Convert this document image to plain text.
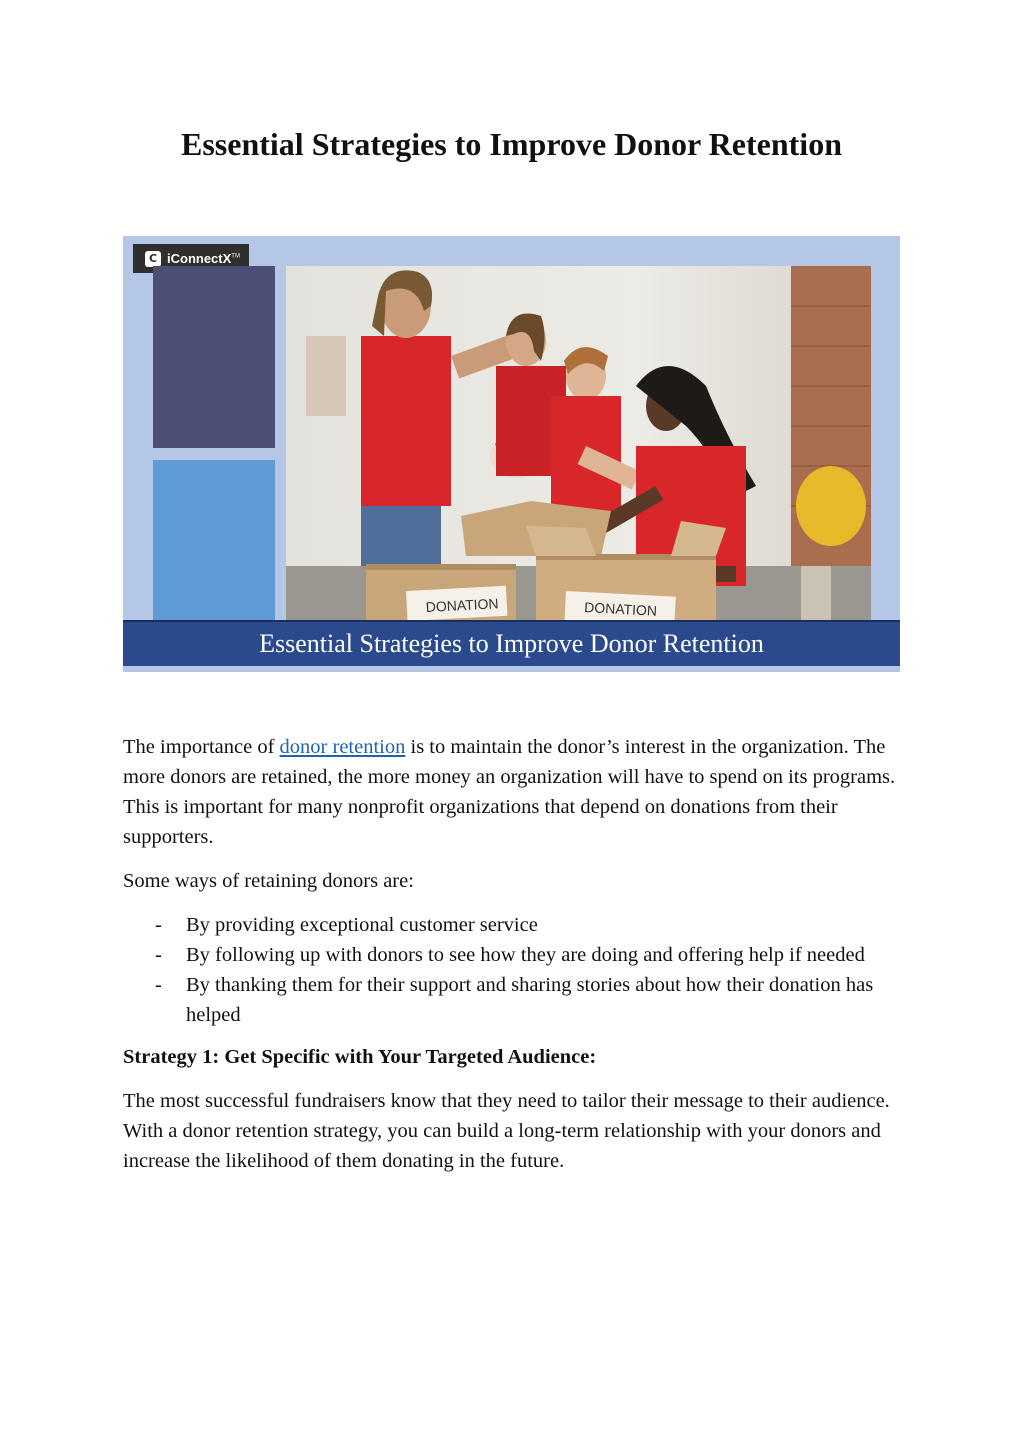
Essential Strategies to Improve Donor Retention
C iConnectX™
DONATION	DONATION
Essential Strategies to Improve Donor Retention

The importance of donor retention is to maintain the donor’s interest in the organization. The more donors are retained, the more money an organization will have to spend on its programs. This is important for many nonprofit organizations that depend on donations from their supporters.

Some ways of retaining donors are:

- By providing exceptional customer service
- By following up with donors to see how they are doing and offering help if needed
- By thanking them for their support and sharing stories about how their donation has helped

Strategy 1: Get Specific with Your Targeted Audience:

The most successful fundraisers know that they need to tailor their message to their audience. With a donor retention strategy, you can build a long-term relationship with your donors and increase the likelihood of them donating in the future.
